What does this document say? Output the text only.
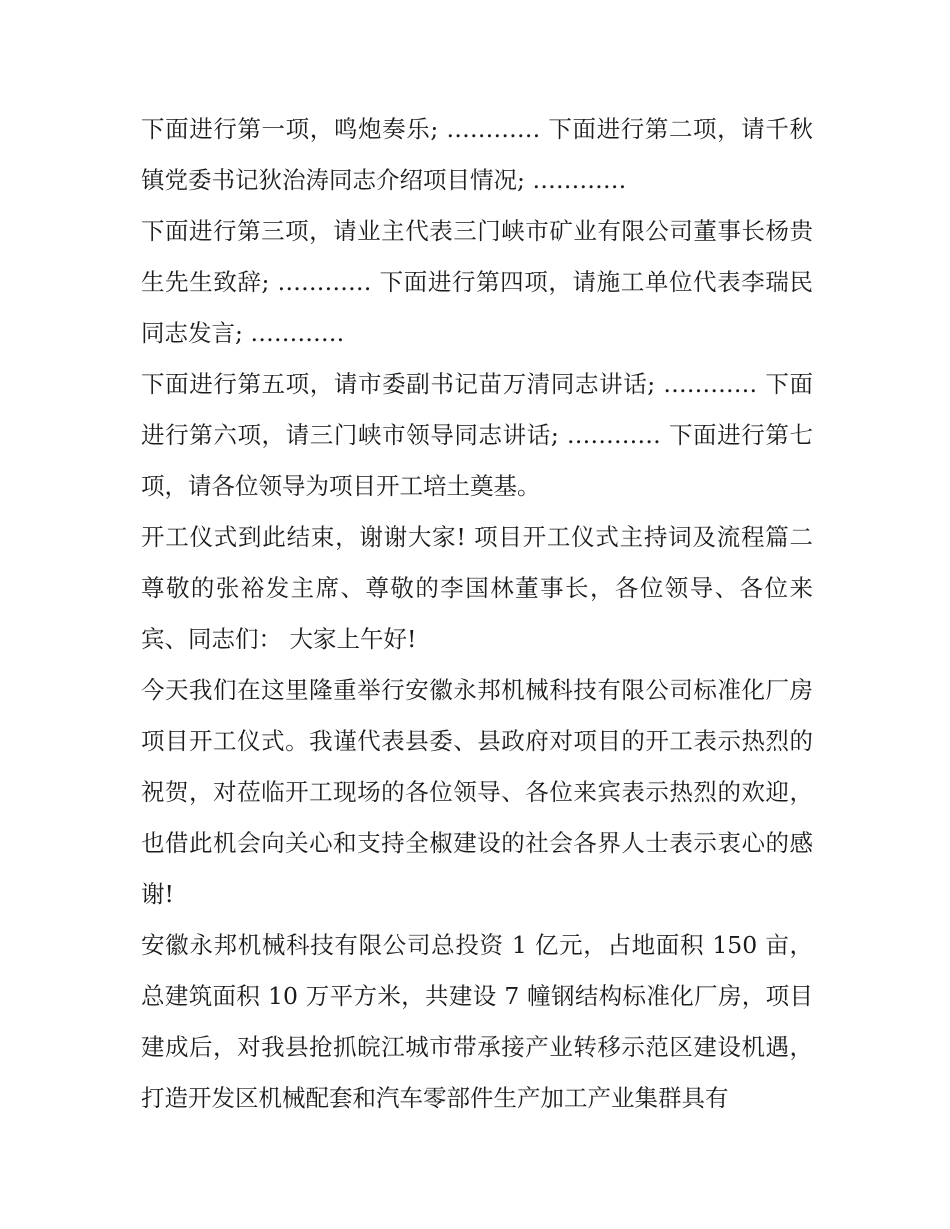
下面进行第一项，鸣炮奏乐; ………… 下面进行第二项，请千秋镇党委书记狄治涛同志介绍项目情况; …………

下面进行第三项，请业主代表三门峡市矿业有限公司董事长杨贵生先生致辞; ………… 下面进行第四项，请施工单位代表李瑞民同志发言; …………

下面进行第五项，请市委副书记苗万清同志讲话; ………… 下面进行第六项，请三门峡市领导同志讲话; ………… 下面进行第七项，请各位领导为项目开工培土奠基。

开工仪式到此结束，谢谢大家! 项目开工仪式主持词及流程篇二 尊敬的张裕发主席、尊敬的李国林董事长，各位领导、各位来宾、同志们： 大家上午好!

今天我们在这里隆重举行安徽永邦机械科技有限公司标准化厂房项目开工仪式。我谨代表县委、县政府对项目的开工表示热烈的祝贺，对莅临开工现场的各位领导、各位来宾表示热烈的欢迎，也借此机会向关心和支持全椒建设的社会各界人士表示衷心的感谢!

安徽永邦机械科技有限公司总投资 1 亿元，占地面积 150 亩，总建筑面积 10 万平方米，共建设 7 幢钢结构标准化厂房，项目建成后，对我县抢抓皖江城市带承接产业转移示范区建设机遇，打造开发区机械配套和汽车零部件生产加工产业集群具有
